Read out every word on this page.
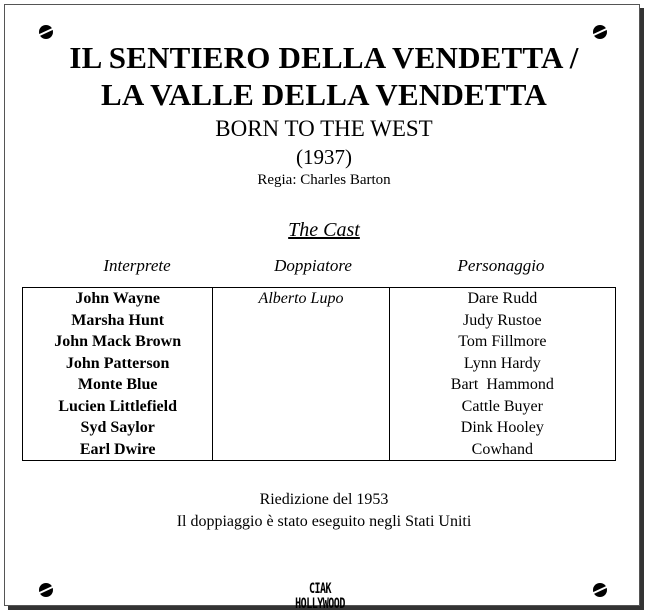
IL SENTIERO DELLA VENDETTA /
LA VALLE DELLA VENDETTA
BORN TO THE WEST
(1937)
Regia: Charles Barton
The Cast
Interprete	Doppiatore	Personaggio
John Wayne	Alberto Lupo	Dare Rudd
Marsha Hunt		Judy Rustoe
John Mack Brown		Tom Fillmore
John Patterson		Lynn Hardy
Monte Blue		Bart  Hammond
Lucien Littlefield		Cattle Buyer
Syd Saylor		Dink Hooley
Earl Dwire		Cowhand
Riedizione del 1953
Il doppiaggio è stato eseguito negli Stati Uniti
CIAK HOLLYWOOD
